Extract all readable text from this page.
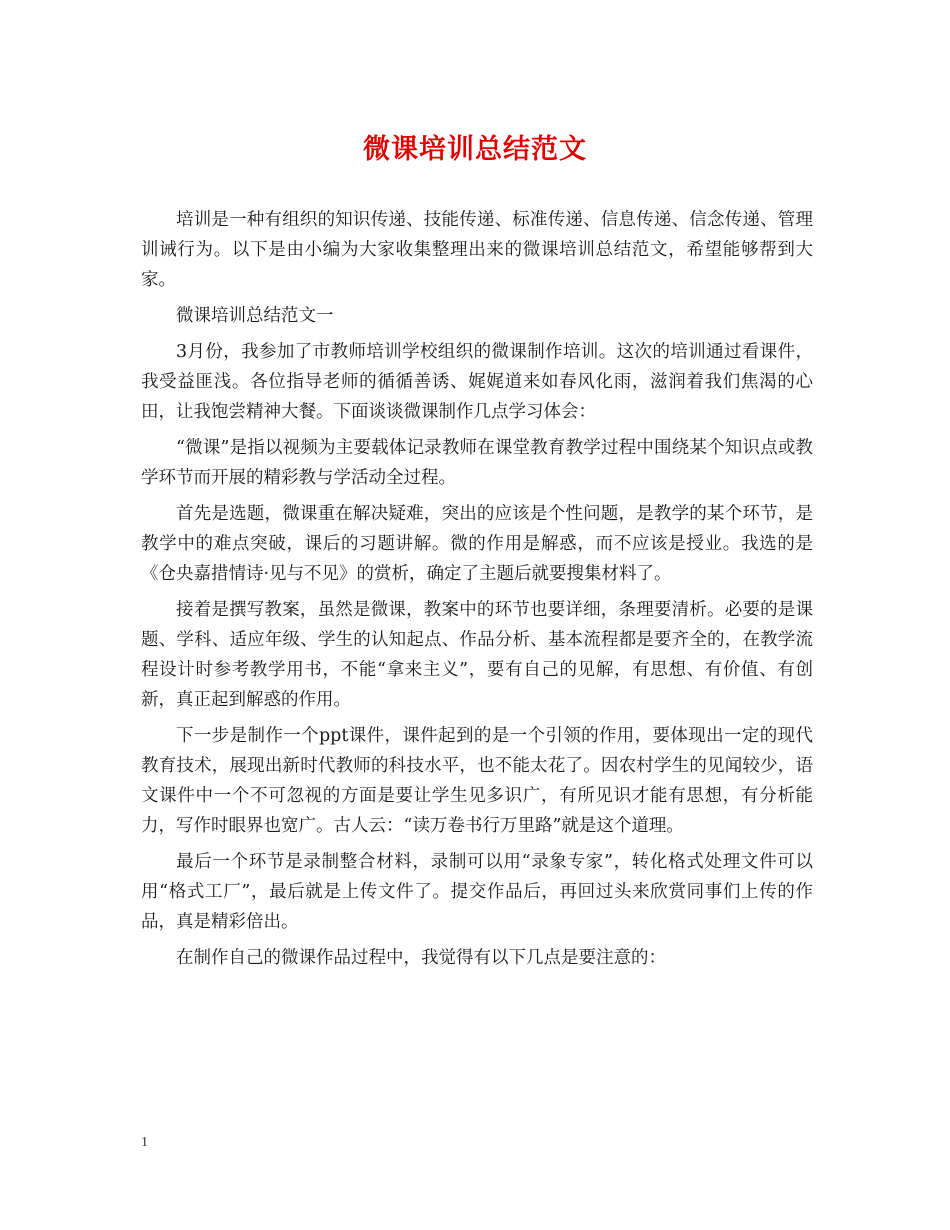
微课培训总结范文

培训是一种有组织的知识传递、技能传递、标准传递、信息传递、信念传递、管理训诫行为。以下是由小编为大家收集整理出来的微课培训总结范文，希望能够帮到大家。

微课培训总结范文一

3月份，我参加了市教师培训学校组织的微课制作培训。这次的培训通过看课件，我受益匪浅。各位指导老师的循循善诱、娓娓道来如春风化雨，滋润着我们焦渴的心田，让我饱尝精神大餐。下面谈谈微课制作几点学习体会：

“微课”是指以视频为主要载体记录教师在课堂教育教学过程中围绕某个知识点或教学环节而开展的精彩教与学活动全过程。

首先是选题，微课重在解决疑难，突出的应该是个性问题，是教学的某个环节，是教学中的难点突破，课后的习题讲解。微的作用是解惑，而不应该是授业。我选的是《仓央嘉措情诗·见与不见》的赏析，确定了主题后就要搜集材料了。

接着是撰写教案，虽然是微课，教案中的环节也要详细，条理要清析。必要的是课题、学科、适应年级、学生的认知起点、作品分析、基本流程都是要齐全的，在教学流程设计时参考教学用书，不能“拿来主义”，要有自己的见解，有思想、有价值、有创新，真正起到解惑的作用。

下一步是制作一个ppt课件，课件起到的是一个引领的作用，要体现出一定的现代教育技术，展现出新时代教师的科技水平，也不能太花了。因农村学生的见闻较少，语文课件中一个不可忽视的方面是要让学生见多识广，有所见识才能有思想，有分析能力，写作时眼界也宽广。古人云：“读万卷书行万里路”就是这个道理。

最后一个环节是录制整合材料，录制可以用“录象专家”，转化格式处理文件可以用“格式工厂”，最后就是上传文件了。提交作品后，再回过头来欣赏同事们上传的作品，真是精彩倍出。

在制作自己的微课作品过程中，我觉得有以下几点是要注意的：

1
